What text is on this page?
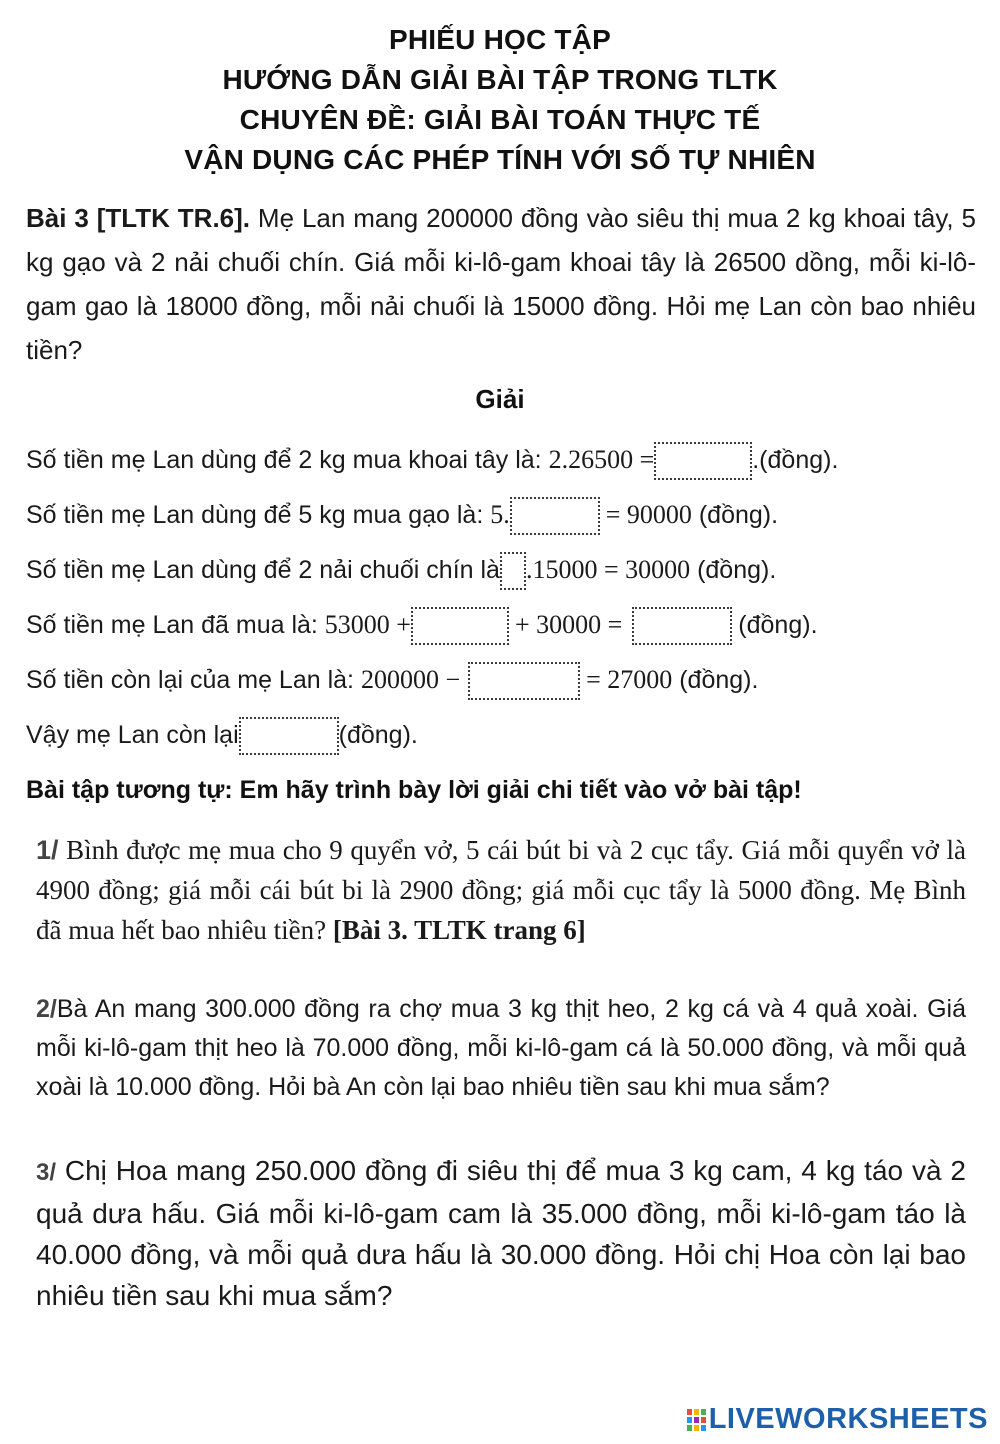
PHIẾU HỌC TẬP
HƯỚNG DẪN GIẢI BÀI TẬP TRONG TLTK
CHUYÊN ĐỀ: GIẢI BÀI TOÁN THỰC TẾ
VẬN DỤNG CÁC PHÉP TÍNH VỚI SỐ TỰ NHIÊN
Bài 3 [TLTK TR.6]. Mẹ Lan mang 200000 đồng vào siêu thị mua 2 kg khoai tây, 5 kg gạo và 2 nải chuối chín. Giá mỗi ki-lô-gam khoai tây là 26500 dồng, mỗi ki-lô-gam gao là 18000 đồng, mỗi nải chuối là 15000 đồng. Hỏi mẹ Lan còn bao nhiêu tiền?
Giải
Số tiền mẹ Lan dùng để 2 kg mua khoai tây là: 2.26500 =	.(đồng).
Số tiền mẹ Lan dùng để 5 kg mua gạo là: 5.	= 90000 (đồng).
Số tiền mẹ Lan dùng để 2 nải chuối chín là .15000 = 30000 (đồng).
Số tiền mẹ Lan đã mua là: 53000 +	+ 30000 =	(đồng).
Số tiền còn lại của mẹ Lan là: 200000 −	= 27000 (đồng).
Vậy mẹ Lan còn lại	(đồng).
Bài tập tương tự: Em hãy trình bày lời giải chi tiết vào vở bài tập!
1/ Bình được mẹ mua cho 9 quyển vở, 5 cái bút bi và 2 cục tẩy. Giá mỗi quyển vở là 4900 đồng; giá mỗi cái bút bi là 2900 đồng; giá mỗi cục tẩy là 5000 đồng. Mẹ Bình đã mua hết bao nhiêu tiền? [Bài 3. TLTK trang 6]
2/Bà An mang 300.000 đồng ra chợ mua 3 kg thịt heo, 2 kg cá và 4 quả xoài. Giá mỗi ki-lô-gam thịt heo là 70.000 đồng, mỗi ki-lô-gam cá là 50.000 đồng, và mỗi quả xoài là 10.000 đồng. Hỏi bà An còn lại bao nhiêu tiền sau khi mua sắm?
3/ Chị Hoa mang 250.000 đồng đi siêu thị để mua 3 kg cam, 4 kg táo và 2 quả dưa hấu. Giá mỗi ki-lô-gam cam là 35.000 đồng, mỗi ki-lô-gam táo là 40.000 đồng, và mỗi quả dưa hấu là 30.000 đồng. Hỏi chị Hoa còn lại bao nhiêu tiền sau khi mua sắm?
LIVEWORKSHEETS
